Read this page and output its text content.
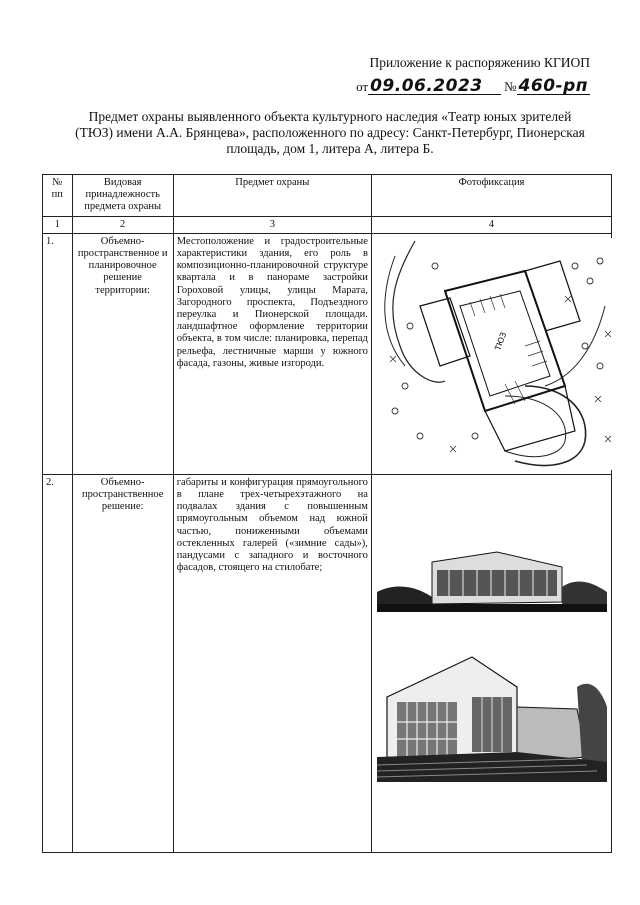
Приложение к распоряжению КГИОП
от 09.06.2023 № 460-рп
Предмет охраны выявленного объекта культурного наследия «Театр юных зрителей (ТЮЗ) имени А.А. Брянцева», расположенного по адресу: Санкт-Петербург, Пионерская площадь, дом 1, литера А, литера Б.
№ пп	Видовая принадлежность предмета охраны	Предмет охраны	Фотофиксация
1	2	3	4
1.	Объемно-пространственное и планировочное решение территории:	Местоположение и градостроительные характеристики здания, его роль в композиционно-планировочной структуре квартала и в панораме застройки Гороховой улицы, улицы Марата, Загородного проспекта, Подъездного переулка и Пионерской площади. ландшафтное оформление территории объекта, в том числе: планировка, перепад рельефа, лестничные марши у южного фасада, газоны, живые изгороди.	ТЮЗ

2.	Объемно-пространственное решение:	габариты и конфигурация прямоугольного в плане трех-четырехэтажного на подвалах здания с повышенным прямоугольным объемом над южной частью, пониженными объемами остекленных галерей («зимние сады»), пандусами с западного и восточного фасадов, стоящего на стилобате;	
